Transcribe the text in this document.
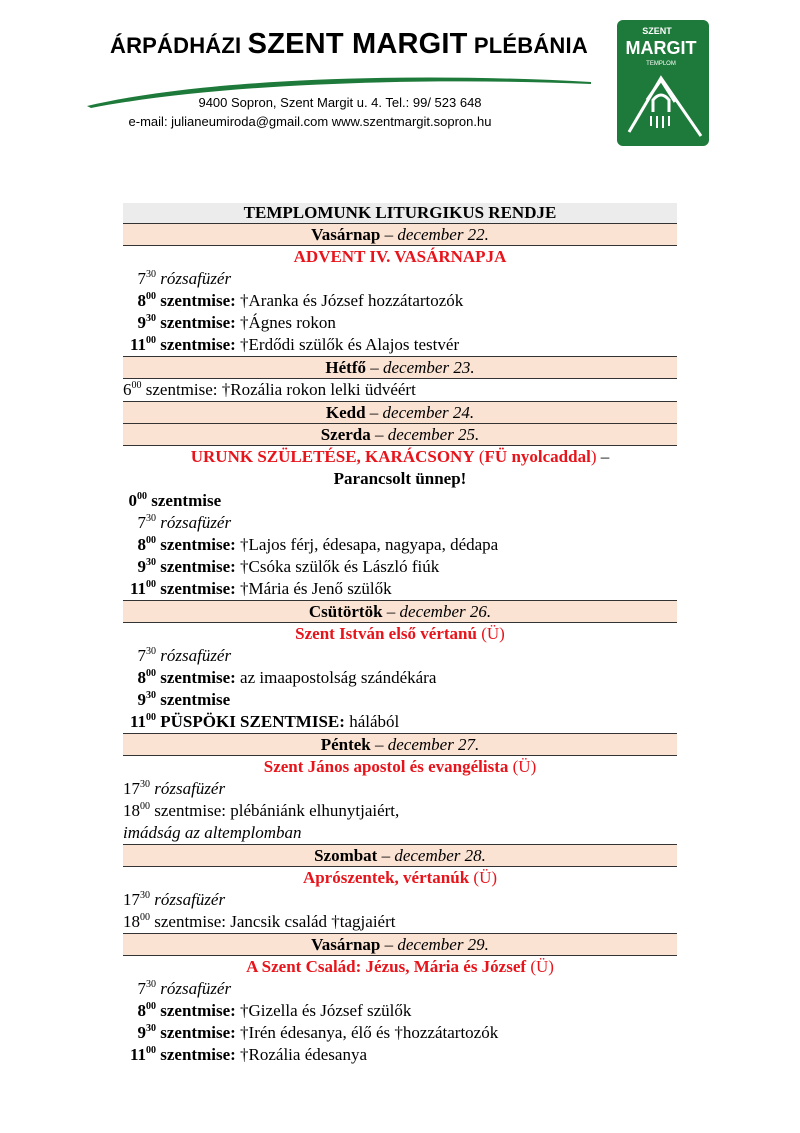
ÁRPÁDHÁZI SZENT MARGIT PLÉBÁNIA
9400 Sopron, Szent Margit u. 4. Tel.: 99/ 523 648
e-mail: julianeumiroda@gmail.com www.szentmargit.sopron.hu
SZENT
MARGIT
TEMPLOM
TEMPLOMUNK LITURGIKUS RENDJE
Vasárnap – december 22.
ADVENT IV. VASÁRNAPJA
$7^{30}$ rózsafüzér
$8^{00}$ szentmise: †Aranka és József hozzátartozók
$9^{30}$ szentmise: †Ágnes rokon
$11^{00}$ szentmise: †Erdődi szülők és Alajos testvér
Hétfő – december 23.
$6^{00}$ szentmise: †Rozália rokon lelki üdvéért
Kedd – december 24.
Szerda – december 25.
URUNK SZÜLETÉSE, KARÁCSONY (FÜ nyolcaddal) –
Parancsolt ünnep!
$0^{00}$ szentmise
$7^{30}$ rózsafüzér
$8^{00}$ szentmise: †Lajos férj, édesapa, nagyapa, dédapa
$9^{30}$ szentmise: †Csóka szülők és László fiúk
$11^{00}$ szentmise: †Mária és Jenő szülők
Csütörtök – december 26.
Szent István első vértanú (Ü)
$7^{30}$ rózsafüzér
$8^{00}$ szentmise: az imaapostolság szándékára
$9^{30}$ szentmise
$11^{00}$ PÜSPÖKI SZENTMISE: hálából
Péntek – december 27.
Szent János apostol és evangélista (Ü)
$17^{30}$ rózsafüzér
$18^{00}$ szentmise: plébániánk elhunytjaiért,
imádság az altemplomban
Szombat – december 28.
Aprószentek, vértanúk (Ü)
$17^{30}$ rózsafüzér
$18^{00}$ szentmise: Jancsik család †tagjaiért
Vasárnap – december 29.
A Szent Család: Jézus, Mária és József (Ü)
$7^{30}$ rózsafüzér
$8^{00}$ szentmise: †Gizella és József szülők
$9^{30}$ szentmise: †Irén édesanya, élő és †hozzátartozók
$11^{00}$ szentmise: †Rozália édesanya
